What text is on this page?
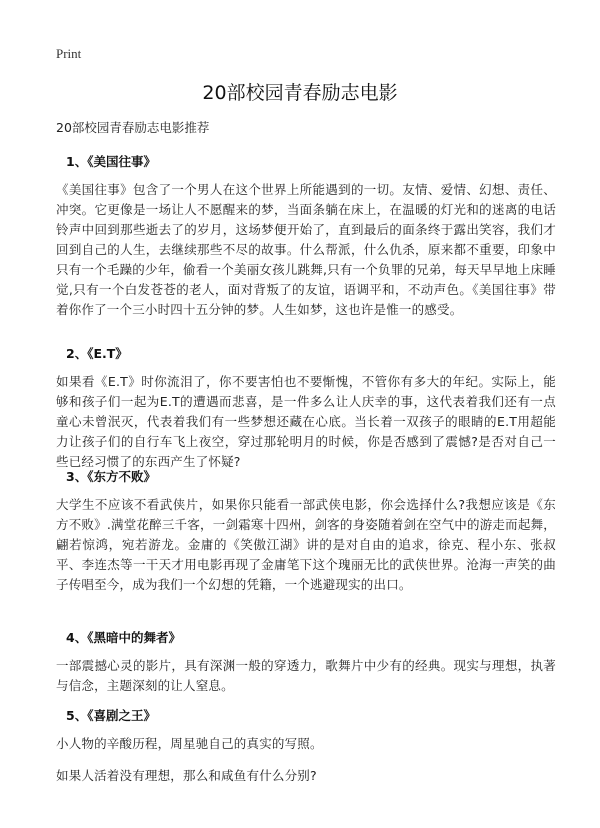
Print
20部校园青春励志电影
20部校园青春励志电影推荐
1、《美国往事》
《美国往事》包含了一个男人在这个世界上所能遇到的一切。友情、爱情、幻想、责任、冲突。它更像是一场让人不愿醒来的梦，当面条躺在床上，在温暖的灯光和的迷离的电话铃声中回到那些逝去了的岁月，这场梦便开始了，直到最后的面条终于露出笑容，我们才回到自己的人生，去继续那些不尽的故事。什么帮派，什么仇杀，原来都不重要，印象中只有一个毛躁的少年，偷看一个美丽女孩儿跳舞,只有一个负罪的兄弟，每天早早地上床睡觉,只有一个白发苍苍的老人，面对背叛了的友谊，语调平和，不动声色。《美国往事》带着你作了一个三小时四十五分钟的梦。人生如梦，这也许是惟一的感受。
2、《E.T》
如果看《E.T》时你流泪了，你不要害怕也不要惭愧，不管你有多大的年纪。实际上，能够和孩子们一起为E.T的遭遇而悲喜，是一件多么让人庆幸的事，这代表着我们还有一点童心未曾泯灭，代表着我们有一些梦想还藏在心底。当长着一双孩子的眼睛的E.T用超能力让孩子们的自行车飞上夜空，穿过那轮明月的时候，你是否感到了震憾?是否对自己一些已经习惯了的东西产生了怀疑?
3、《东方不败》
大学生不应该不看武侠片，如果你只能看一部武侠电影，你会选择什么?我想应该是《东方不败》.满堂花醉三千客，一剑霜寒十四州，剑客的身姿随着剑在空气中的游走而起舞，翩若惊鸿，宛若游龙。金庸的《笑傲江湖》讲的是对自由的追求，徐克、程小东、张叔平、李连杰等一干天才用电影再现了金庸笔下这个瑰丽无比的武侠世界。沧海一声笑的曲子传唱至今，成为我们一个幻想的凭籍，一个逃避现实的出口。
4、《黑暗中的舞者》
一部震撼心灵的影片，具有深渊一般的穿透力，歌舞片中少有的经典。现实与理想，执著与信念，主题深刻的让人窒息。
5、《喜剧之王》
小人物的辛酸历程，周星驰自己的真实的写照。
如果人活着没有理想，那么和咸鱼有什么分别?
